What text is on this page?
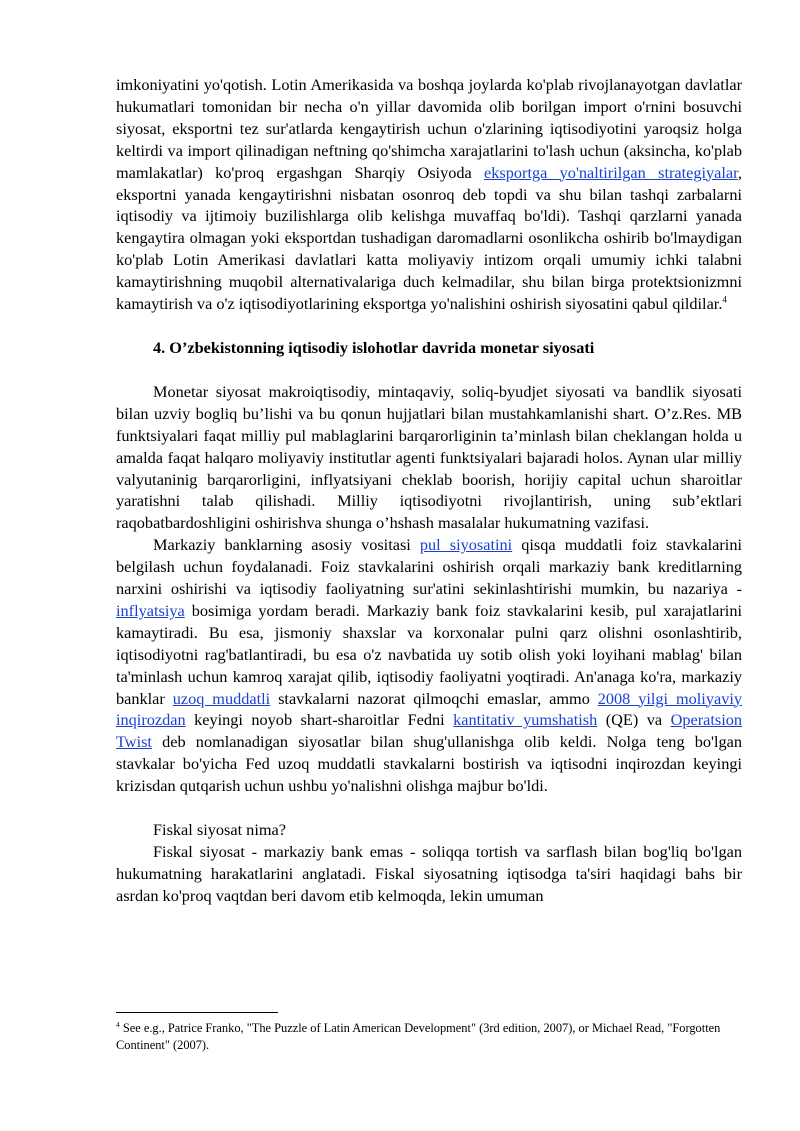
imkoniyatini yo'qotish. Lotin Amerikasida va boshqa joylarda ko'plab rivojlanayotgan davlatlar hukumatlari tomonidan bir necha o'n yillar davomida olib borilgan import o'rnini bosuvchi siyosat, eksportni tez sur'atlarda kengaytirish uchun o'zlarining iqtisodiyotini yaroqsiz holga keltirdi va import qilinadigan neftning qo'shimcha xarajatlarini to'lash uchun (aksincha, ko'plab mamlakatlar) ko'proq ergashgan Sharqiy Osiyoda eksportga yo'naltirilgan strategiyalar, eksportni yanada kengaytirishni nisbatan osonroq deb topdi va shu bilan tashqi zarbalarni iqtisodiy va ijtimoiy buzilishlarga olib kelishga muvaffaq bo'ldi). Tashqi qarzlarni yanada kengaytira olmagan yoki eksportdan tushadigan daromadlarni osonlikcha oshirib bo'lmaydigan ko'plab Lotin Amerikasi davlatlari katta moliyaviy intizom orqali umumiy ichki talabni kamaytirishning muqobil alternativalariga duch kelmadilar, shu bilan birga protektsionizmni kamaytirish va o'z iqtisodiyotlarining eksportga yo'nalishini oshirish siyosatini qabul qildilar.$^4$

4. O’zbekistonning iqtisodiy islohotlar davrida monetar siyosati

Monetar siyosat makroiqtisodiy, mintaqaviy, soliq-byudjet siyosati va bandlik siyosati bilan uzviy bogliq bu’lishi va bu qonun hujjatlari bilan mustahkamlanishi shart. O’z.Res. MB funktsiyalari faqat milliy pul mablaglarini barqarorliginin ta’minlash bilan cheklangan holda u amalda faqat halqaro moliyaviy institutlar agenti funktsiyalari bajaradi holos. Aynan ular milliy valyutaninig barqarorligini, inflyatsiyani cheklab boorish, horijiy capital uchun sharoitlar yaratishni talab qilishadi. Milliy iqtisodiyotni rivojlantirish, uning sub’ektlari raqobatbardoshligini oshirishva shunga o’hshash masalalar hukumatning vazifasi.

Markaziy banklarning asosiy vositasi pul siyosatini qisqa muddatli foiz stavkalarini belgilash uchun foydalanadi. Foiz stavkalarini oshirish orqali markaziy bank kreditlarning narxini oshirishi va iqtisodiy faoliyatning sur'atini sekinlashtirishi mumkin, bu nazariya - inflyatsiya bosimiga yordam beradi. Markaziy bank foiz stavkalarini kesib, pul xarajatlarini kamaytiradi. Bu esa, jismoniy shaxslar va korxonalar pulni qarz olishni osonlashtirib, iqtisodiyotni rag'batlantiradi, bu esa o'z navbatida uy sotib olish yoki loyihani mablag' bilan ta'minlash uchun kamroq xarajat qilib, iqtisodiy faoliyatni yoqtiradi. An'anaga ko'ra, markaziy banklar uzoq muddatli stavkalarni nazorat qilmoqchi emaslar, ammo 2008 yilgi moliyaviy inqirozdan keyingi noyob shart-sharoitlar Fedni kantitativ yumshatish (QE) va Operatsion Twist deb nomlanadigan siyosatlar bilan shug'ullanishga olib keldi. Nolga teng bo'lgan stavkalar bo'yicha Fed uzoq muddatli stavkalarni bostirish va iqtisodni inqirozdan keyingi krizisdan qutqarish uchun ushbu yo'nalishni olishga majbur bo'ldi.

Fiskal siyosat nima?

Fiskal siyosat - markaziy bank emas - soliqqa tortish va sarflash bilan bog'liq bo'lgan hukumatning harakatlarini anglatadi. Fiskal siyosatning iqtisodga ta'siri haqidagi bahs bir asrdan ko'proq vaqtdan beri davom etib kelmoqda, lekin umuman

$^4$ See e.g., Patrice Franko, "The Puzzle of Latin American Development" (3rd edition, 2007), or Michael Read, "Forgotten Continent" (2007).
